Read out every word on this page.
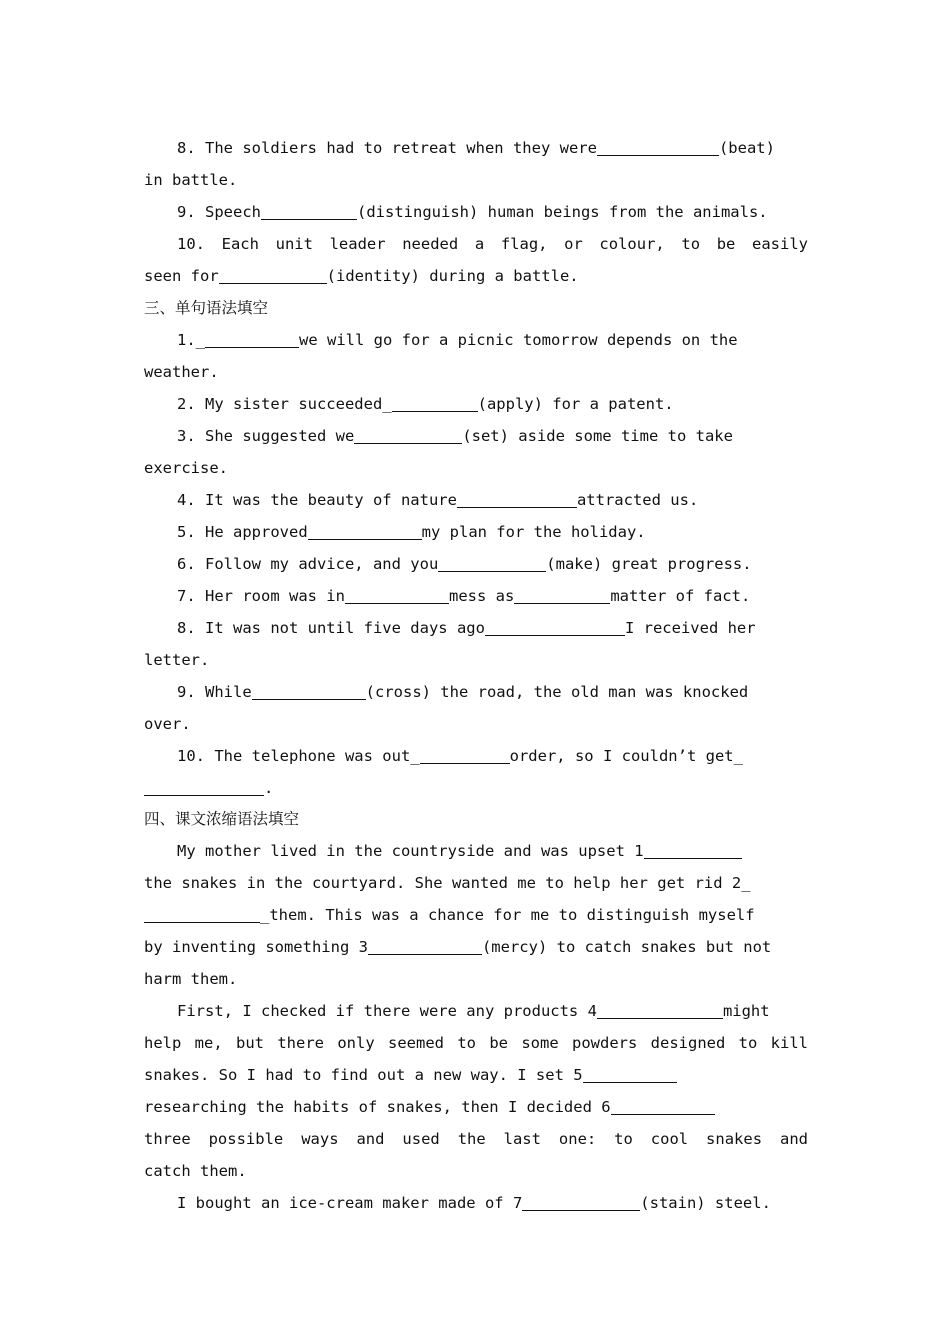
8. The soldiers had to retreat when they were	(beat)
in battle.
9. Speech	(distinguish) human beings from the animals.
10. Each unit leader needed a flag, or colour, to be easily
seen for	(identity) during a battle.
三、单句语法填空
1._	we will go for a picnic tomorrow depends on the
weather.
2. My sister succeeded_	(apply) for a patent.
3. She suggested we	(set) aside some time to take
exercise.
4. It was the beauty of nature	attracted us.
5. He approved	my plan for the holiday.
6. Follow my advice, and you	(make) great progress.
7. Her room was in	mess as	matter of fact.
8. It was not until five days ago	I received her
letter.
9. While	(cross) the road, the old man was knocked
over.
10. The telephone was out_	order, so I couldn’t get_
.
四、课文浓缩语法填空
My mother lived in the countryside and was upset 1
the snakes in the courtyard. She wanted me to help her get rid 2_
_them. This was a chance for me to distinguish myself
by inventing something 3	(mercy) to catch snakes but not
harm them.
First, I checked if there were any products 4	might
help me, but there only seemed to be some powders designed to kill
snakes. So I had to find out a new way. I set 5
researching the habits of snakes, then I decided 6
three possible ways and used the last one: to cool snakes and
catch them.
I bought an ice-cream maker made of 7	(stain) steel.
